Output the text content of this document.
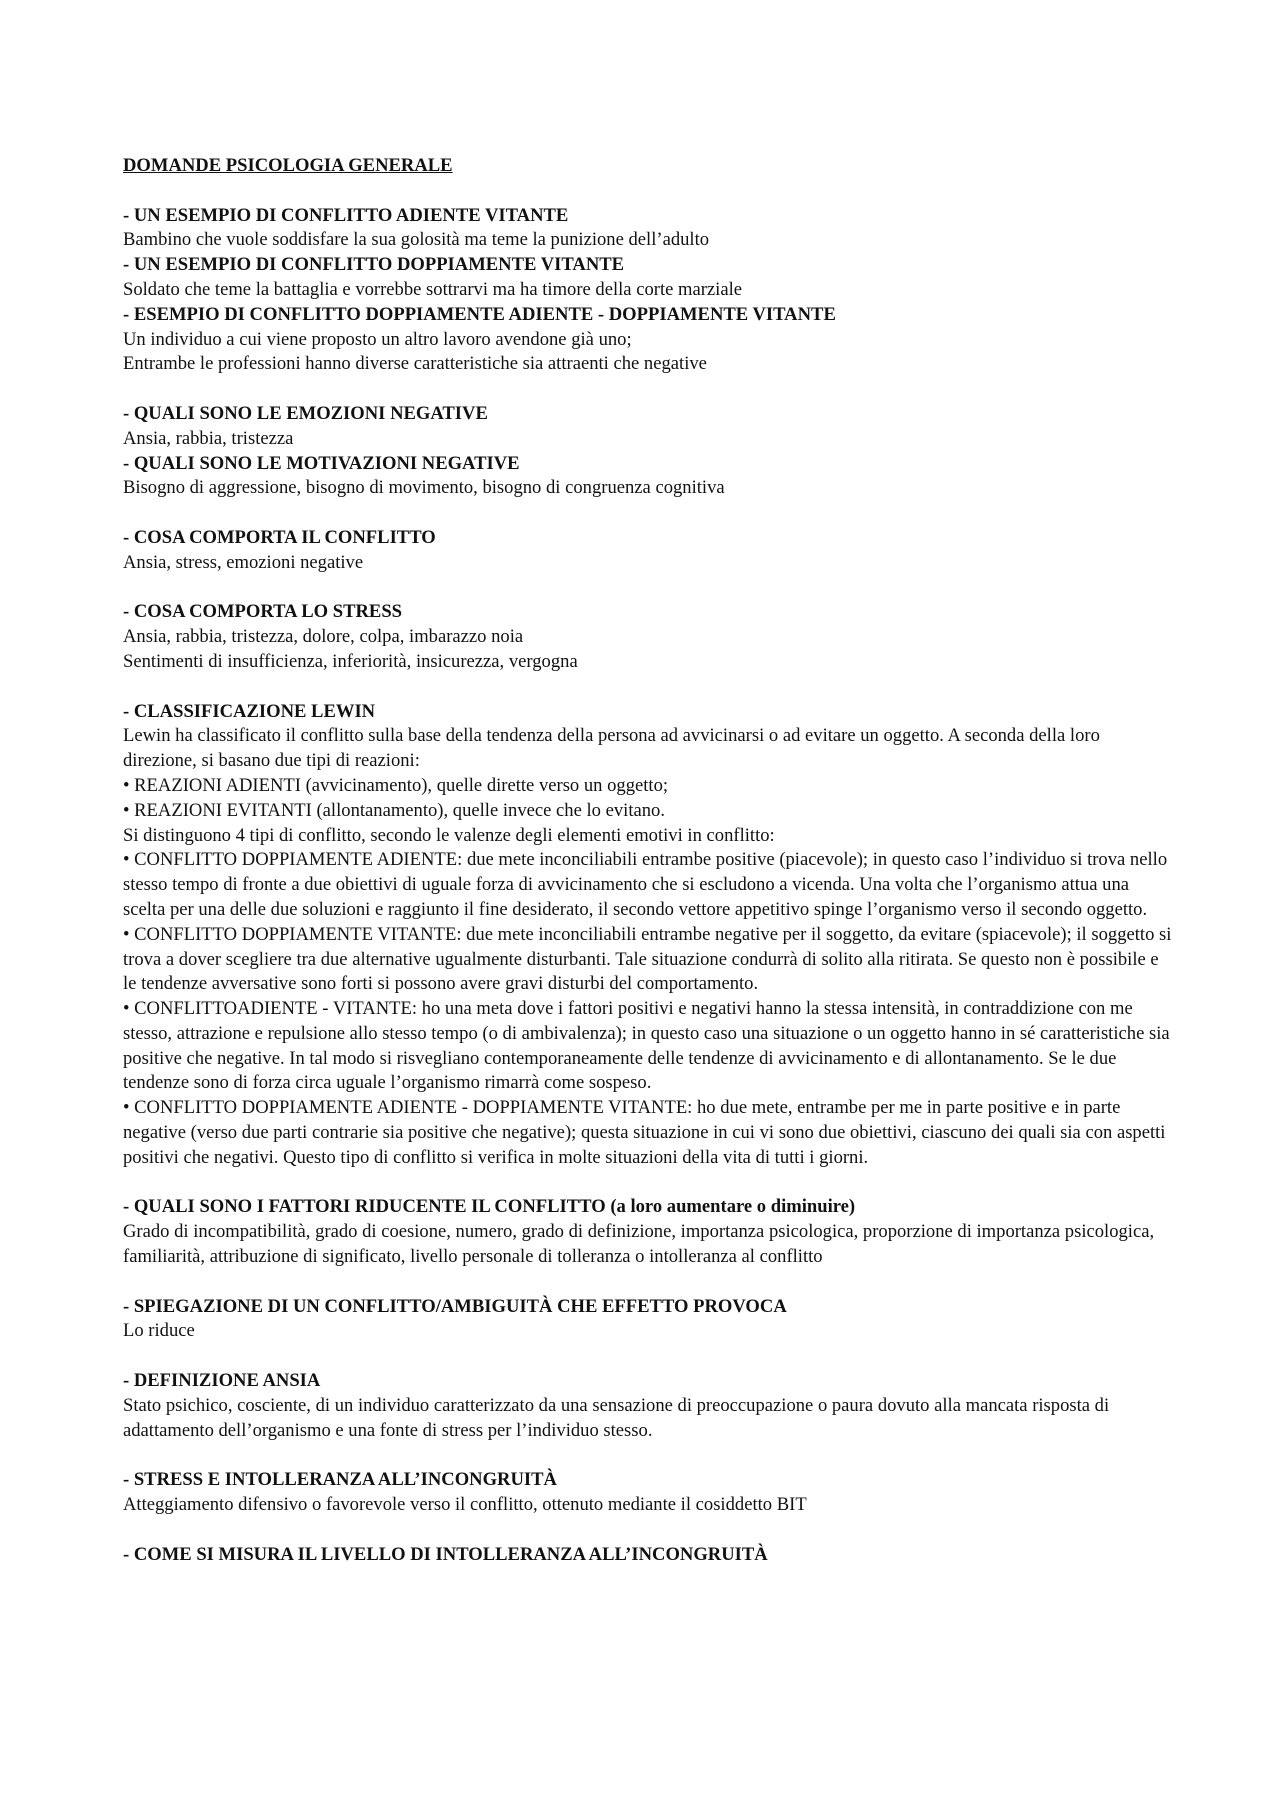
DOMANDE PSICOLOGIA GENERALE

- UN ESEMPIO DI CONFLITTO ADIENTE VITANTE

Bambino che vuole soddisfare la sua golosità ma teme la punizione dell’adulto

- UN ESEMPIO DI CONFLITTO DOPPIAMENTE VITANTE

Soldato che teme la battaglia e vorrebbe sottrarvi ma ha timore della corte marziale

- ESEMPIO DI CONFLITTO DOPPIAMENTE ADIENTE - DOPPIAMENTE VITANTE

Un individuo a cui viene proposto un altro lavoro avendone già uno;

Entrambe le professioni hanno diverse caratteristiche sia attraenti che negative

- QUALI SONO LE EMOZIONI NEGATIVE

Ansia, rabbia, tristezza

- QUALI SONO LE MOTIVAZIONI NEGATIVE

Bisogno di aggressione, bisogno di movimento, bisogno di congruenza cognitiva

- COSA COMPORTA IL CONFLITTO

Ansia, stress, emozioni negative

- COSA COMPORTA LO STRESS

Ansia, rabbia, tristezza, dolore, colpa, imbarazzo noia

Sentimenti di insufficienza, inferiorità, insicurezza, vergogna

- CLASSIFICAZIONE LEWIN

Lewin ha classificato il conflitto sulla base della tendenza della persona ad avvicinarsi o ad evitare un oggetto. A seconda della loro direzione, si basano due tipi di reazioni:

• REAZIONI ADIENTI (avvicinamento), quelle dirette verso un oggetto;

• REAZIONI EVITANTI (allontanamento), quelle invece che lo evitano.

Si distinguono 4 tipi di conflitto, secondo le valenze degli elementi emotivi in conflitto:

• CONFLITTO DOPPIAMENTE ADIENTE: due mete inconciliabili entrambe positive (piacevole); in questo caso l’individuo si trova nello stesso tempo di fronte a due obiettivi di uguale forza di avvicinamento che si escludono a vicenda. Una volta che l’organismo attua una scelta per una delle due soluzioni e raggiunto il fine desiderato, il secondo vettore appetitivo spinge l’organismo verso il secondo oggetto.

• CONFLITTO DOPPIAMENTE VITANTE: due mete inconciliabili entrambe negative per il soggetto, da evitare (spiacevole); il soggetto si trova a dover scegliere tra due alternative ugualmente disturbanti. Tale situazione condurrà di solito alla ritirata. Se questo non è possibile e le tendenze avversative sono forti si possono avere gravi disturbi del comportamento.

• CONFLITTOADIENTE - VITANTE: ho una meta dove i fattori positivi e negativi hanno la stessa intensità, in contraddizione con me stesso, attrazione e repulsione allo stesso tempo (o di ambivalenza); in questo caso una situazione o un oggetto hanno in sé caratteristiche sia positive che negative. In tal modo si risvegliano contemporaneamente delle tendenze di avvicinamento e di allontanamento. Se le due tendenze sono di forza circa uguale l’organismo rimarrà come sospeso.

• CONFLITTO DOPPIAMENTE ADIENTE - DOPPIAMENTE VITANTE: ho due mete, entrambe per me in parte positive e in parte negative (verso due parti contrarie sia positive che negative); questa situazione in cui vi sono due obiettivi, ciascuno dei quali sia con aspetti positivi che negativi. Questo tipo di conflitto si verifica in molte situazioni della vita di tutti i giorni.

- QUALI SONO I FATTORI RIDUCENTE IL CONFLITTO (a loro aumentare o diminuire)

Grado di incompatibilità, grado di coesione, numero, grado di definizione, importanza psicologica, proporzione di importanza psicologica, familiarità, attribuzione di significato, livello personale di tolleranza o intolleranza al conflitto

- SPIEGAZIONE DI UN CONFLITTO/AMBIGUITÀ CHE EFFETTO PROVOCA

Lo riduce

- DEFINIZIONE ANSIA

Stato psichico, cosciente, di un individuo caratterizzato da una sensazione di preoccupazione o paura dovuto alla mancata risposta di adattamento dell’organismo e una fonte di stress per l’individuo stesso.

- STRESS E INTOLLERANZA ALL’INCONGRUITÀ

Atteggiamento difensivo o favorevole verso il conflitto, ottenuto mediante il cosiddetto BIT

- COME SI MISURA IL LIVELLO DI INTOLLERANZA ALL’INCONGRUITÀ
